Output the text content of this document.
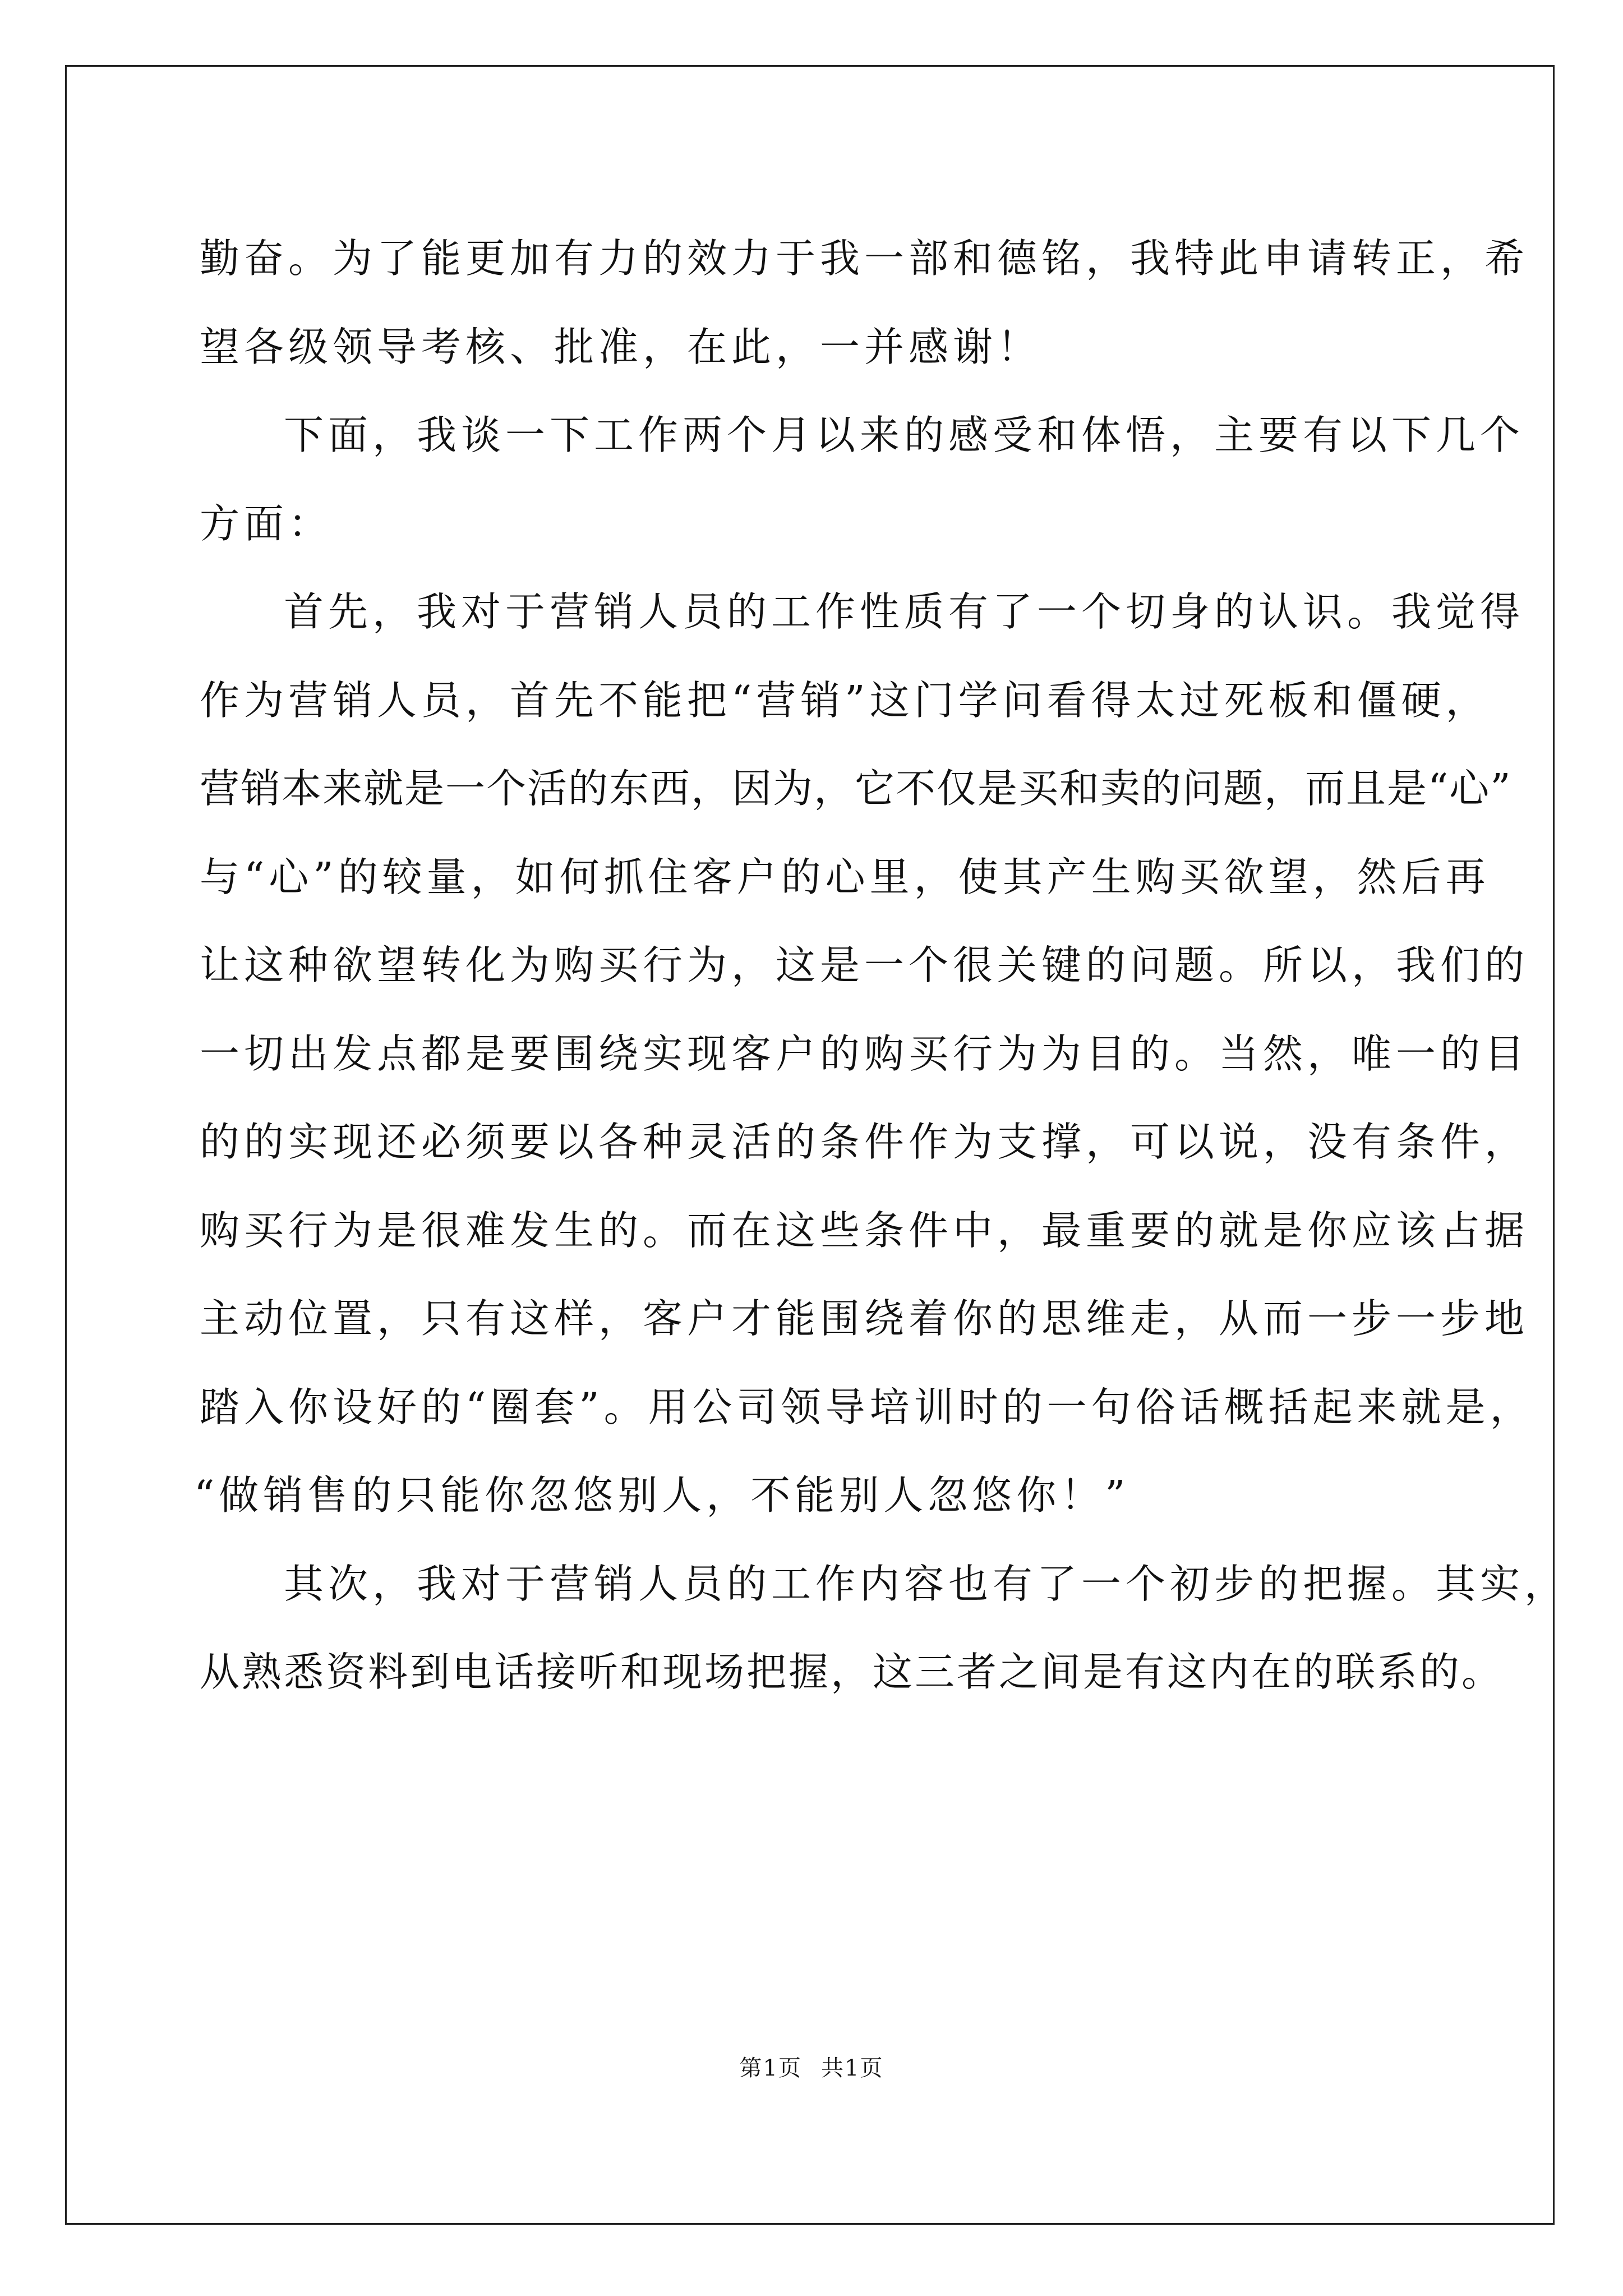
勤奋。为了能更加有力的效力于我一部和德铭，我特此申请转正，希
望各级领导考核、批准，在此，一并感谢！
下面，我谈一下工作两个月以来的感受和体悟，主要有以下几个
方面：
首先，我对于营销人员的工作性质有了一个切身的认识。我觉得
作为营销人员，首先不能把“营销”这门学问看得太过死板和僵硬，
营销本来就是一个活的东西，因为，它不仅是买和卖的问题，而且是“心”
与“心”的较量，如何抓住客户的心里，使其产生购买欲望，然后再
让这种欲望转化为购买行为，这是一个很关键的问题。所以，我们的
一切出发点都是要围绕实现客户的购买行为为目的。当然，唯一的目
的的实现还必须要以各种灵活的条件作为支撑，可以说，没有条件，
购买行为是很难发生的。而在这些条件中，最重要的就是你应该占据
主动位置，只有这样，客户才能围绕着你的思维走，从而一步一步地
踏入你设好的“圈套”。用公司领导培训时的一句俗话概括起来就是，
“做销售的只能你忽悠别人，不能别人忽悠你！”
其次，我对于营销人员的工作内容也有了一个初步的把握。其实，
从熟悉资料到电话接听和现场把握，这三者之间是有这内在的联系的。
第1页 共1页
